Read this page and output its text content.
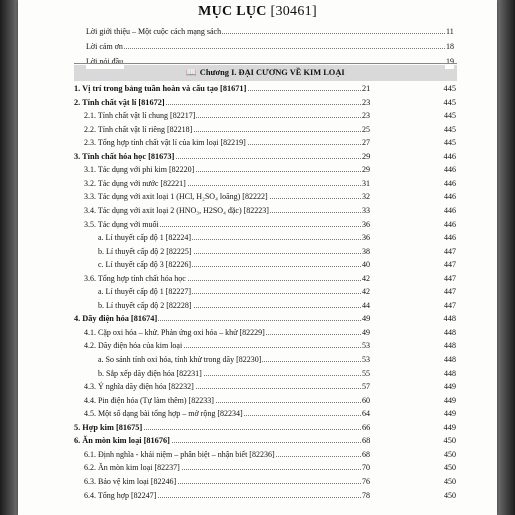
MỤC LỤC [30461]
📖 Chương I. ĐẠI CƯƠNG VỀ KIM LOẠI
Lời giới thiệu – Một cuộc cách mạng sách	11
Lời cảm ơn	18
Lời nói đầu	19
1. Vị trí trong bảng tuần hoàn và cấu tạo [81671]	21	445
2. Tính chất vật lí [81672]	23	445
2.1. Tính chất vật lí chung [82217]	23	445
2.2. Tính chất vật lí riêng [82218]	25	445
2.3. Tổng hợp tính chất vật lí của kim loại [82219]	27	445
3. Tính chất hóa học [81673]	29	446
3.1. Tác dụng với phi kim [82220]	29	446
3.2. Tác dụng với nước [82221]	31	446
3.3. Tác dụng với axit loại 1 (HCl, H₂SO₄ loãng) [82222]	32	446
3.4. Tác dụng với axit loại 2 (HNO₃, H2SO₄ đặc) [82223]	33	446
3.5. Tác dụng với muối	36	446
a. Lí thuyết cấp độ 1 [82224]	36	446
b. Lí thuyết cấp độ 2 [82225]	38	447
c. Lí thuyết cấp độ 3 [82226]	40	447
3.6. Tổng hợp tính chất hóa học	42	447
a. Lí thuyết cấp độ 1 [82227]	42	447
b. Lí thuyết cấp độ 2 [82228]	44	447
4. Dãy điện hóa [81674]	49	448
4.1. Cặp oxi hóa – khử. Phản ứng oxi hóa – khử [82229]	49	448
4.2. Dãy điện hóa của kim loại	53	448
a. So sánh tính oxi hóa, tính khử trong dãy [82230]	53	448
b. Sắp xếp dãy điện hóa [82231]	55	448
4.3. Ý nghĩa dãy điện hóa [82232]	57	449
4.4. Pin điện hóa (Tự làm thêm) [82233]	60	449
4.5. Một số dạng bài tổng hợp – mở rộng [82234]	64	449
5. Hợp kim [81675]	66	449
6. Ăn mòn kim loại [81676]	68	450
6.1. Định nghĩa - khái niệm – phân biệt – nhận biết [82236]	68	450
6.2. Ăn mòn kim loại [82237]	70	450
6.3. Bảo vệ kim loại [82246]	76	450
6.4. Tổng hợp [82247]	78	450
